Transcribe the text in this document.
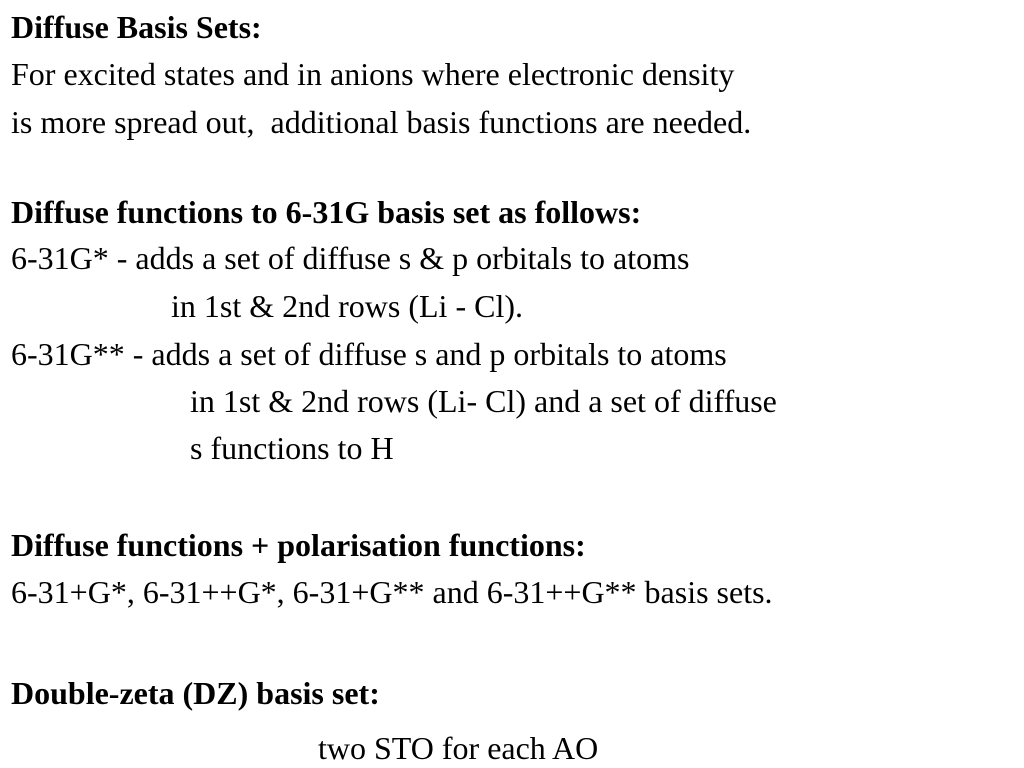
Diffuse Basis Sets:
For excited states and in anions where electronic density
is more spread out,  additional basis functions are needed.
Diffuse functions to 6-31G basis set as follows:
6-31G* - adds a set of diffuse s & p orbitals to atoms
in 1st & 2nd rows (Li - Cl).
6-31G** - adds a set of diffuse s and p orbitals to atoms
in 1st & 2nd rows (Li- Cl) and a set of diffuse
s functions to H
Diffuse functions + polarisation functions:
6-31+G*, 6-31++G*, 6-31+G** and 6-31++G** basis sets.
Double-zeta (DZ) basis set:
two STO for each AO
